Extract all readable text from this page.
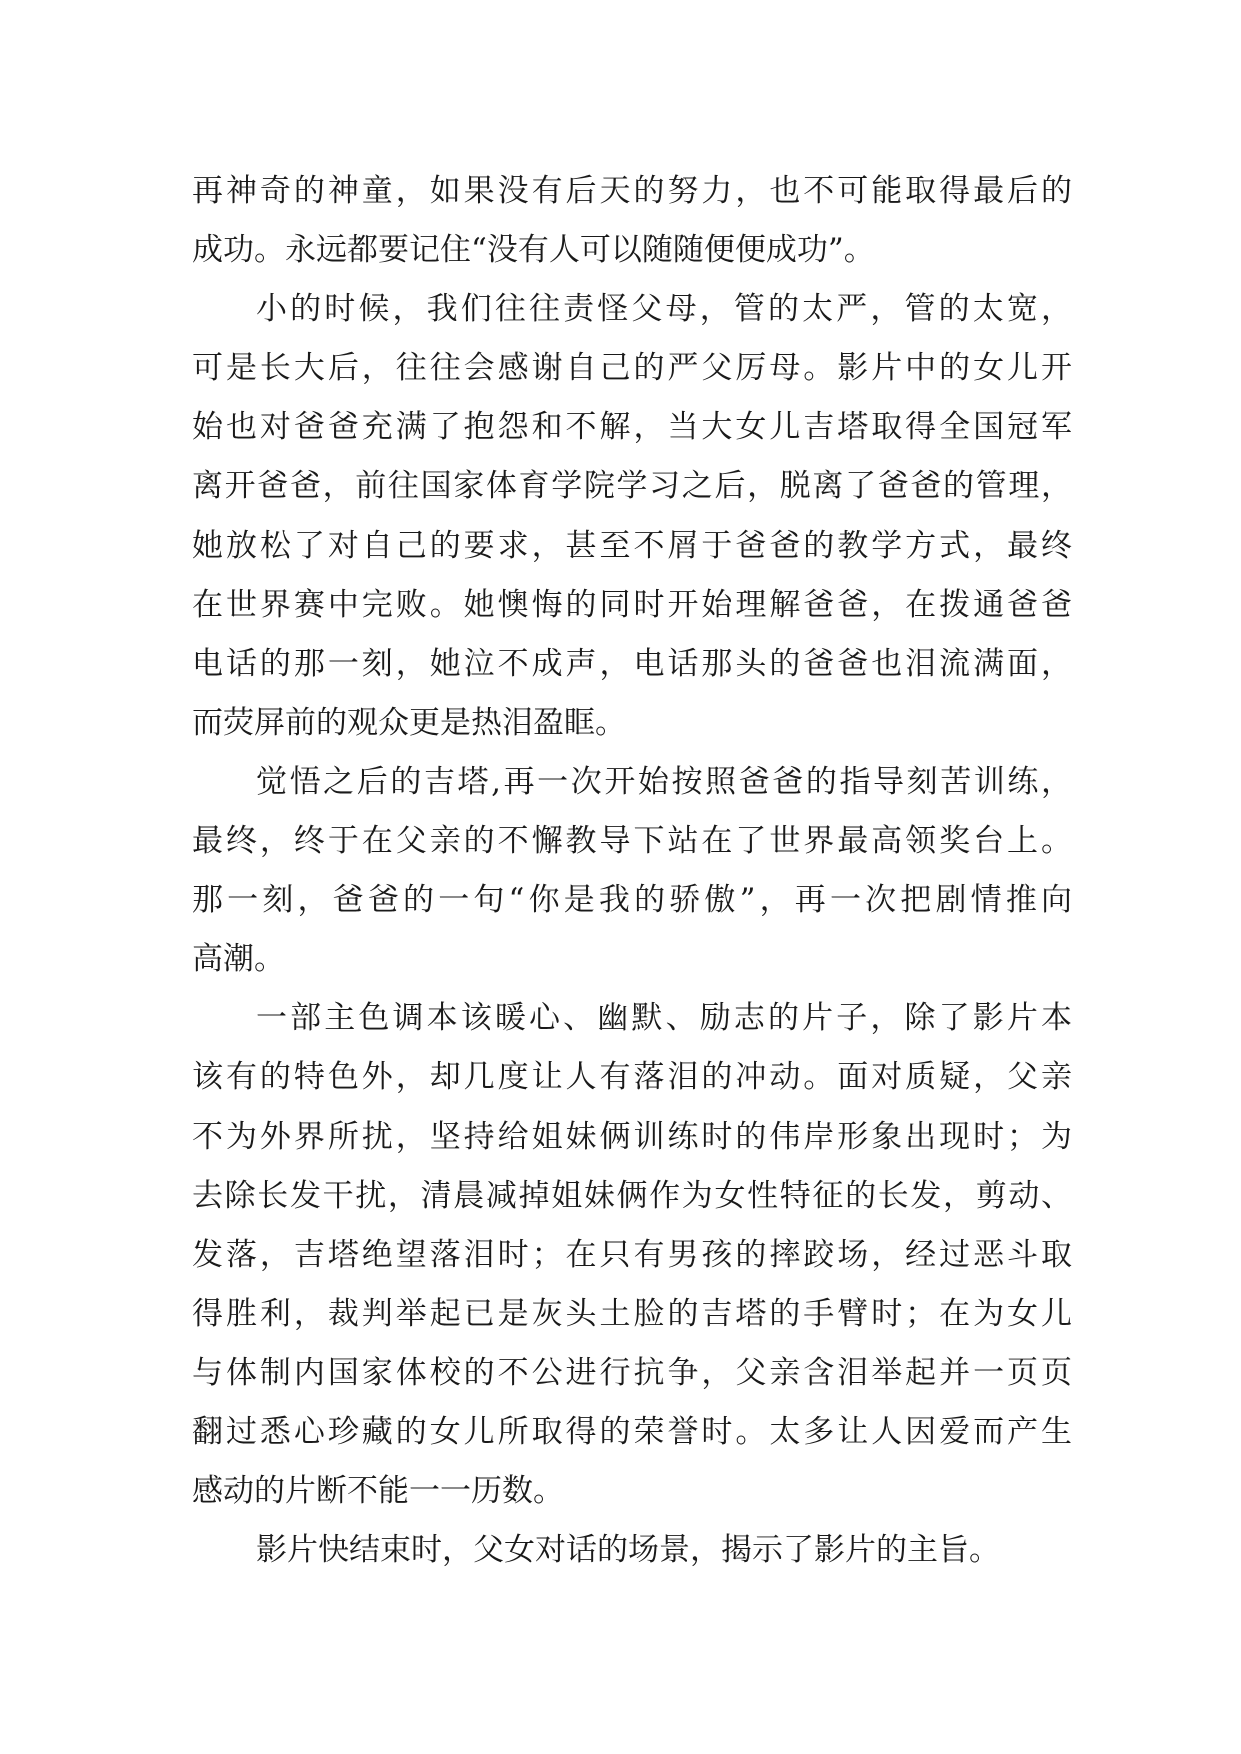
再神奇的神童，如果没有后天的努力，也不可能取得最后的
成功。永远都要记住“没有人可以随随便便成功”。
小的时候，我们往往责怪父母，管的太严，管的太宽，
可是长大后，往往会感谢自己的严父厉母。影片中的女儿开
始也对爸爸充满了抱怨和不解，当大女儿吉塔取得全国冠军
离开爸爸，前往国家体育学院学习之后，脱离了爸爸的管理，
她放松了对自己的要求，甚至不屑于爸爸的教学方式，最终
在世界赛中完败。她懊悔的同时开始理解爸爸，在拨通爸爸
电话的那一刻，她泣不成声，电话那头的爸爸也泪流满面，
而荧屏前的观众更是热泪盈眶。
觉悟之后的吉塔,再一次开始按照爸爸的指导刻苦训练，
最终，终于在父亲的不懈教导下站在了世界最高领奖台上。
那一刻，爸爸的一句“你是我的骄傲”，再一次把剧情推向
高潮。
一部主色调本该暖心、幽默、励志的片子，除了影片本
该有的特色外，却几度让人有落泪的冲动。面对质疑，父亲
不为外界所扰，坚持给姐妹俩训练时的伟岸形象出现时；为
去除长发干扰，清晨减掉姐妹俩作为女性特征的长发，剪动、
发落，吉塔绝望落泪时；在只有男孩的摔跤场，经过恶斗取
得胜利，裁判举起已是灰头土脸的吉塔的手臂时；在为女儿
与体制内国家体校的不公进行抗争，父亲含泪举起并一页页
翻过悉心珍藏的女儿所取得的荣誉时。太多让人因爱而产生
感动的片断不能一一历数。
影片快结束时，父女对话的场景，揭示了影片的主旨。
